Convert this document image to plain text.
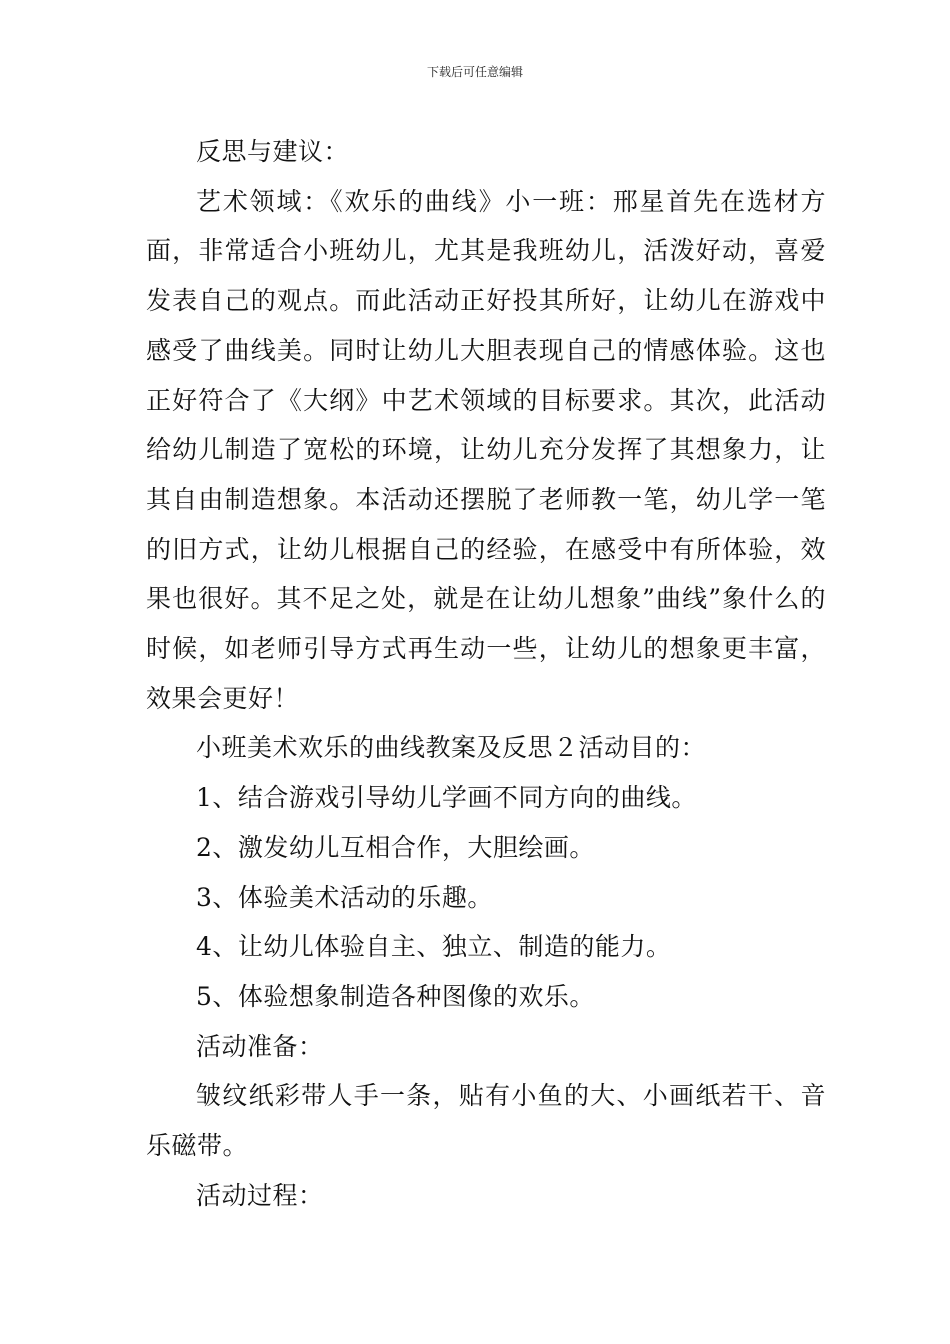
下载后可任意编辑

反思与建议：

艺术领域：《欢乐的曲线》小一班：邢星首先在选材方面，非常适合小班幼儿，尤其是我班幼儿，活泼好动，喜爱发表自己的观点。而此活动正好投其所好，让幼儿在游戏中感受了曲线美。同时让幼儿大胆表现自己的情感体验。这也正好符合了《大纲》中艺术领域的目标要求。其次，此活动给幼儿制造了宽松的环境，让幼儿充分发挥了其想象力，让其自由制造想象。本活动还摆脱了老师教一笔，幼儿学一笔的旧方式，让幼儿根据自己的经验，在感受中有所体验，效果也很好。其不足之处，就是在让幼儿想象”曲线”象什么的时候，如老师引导方式再生动一些，让幼儿的想象更丰富，效果会更好！

小班美术欢乐的曲线教案及反思２活动目的：

1、结合游戏引导幼儿学画不同方向的曲线。

2、激发幼儿互相合作，大胆绘画。

3、体验美术活动的乐趣。

4、让幼儿体验自主、独立、制造的能力。

5、体验想象制造各种图像的欢乐。

活动准备：

皱纹纸彩带人手一条，贴有小鱼的大、小画纸若干、音乐磁带。

活动过程：
